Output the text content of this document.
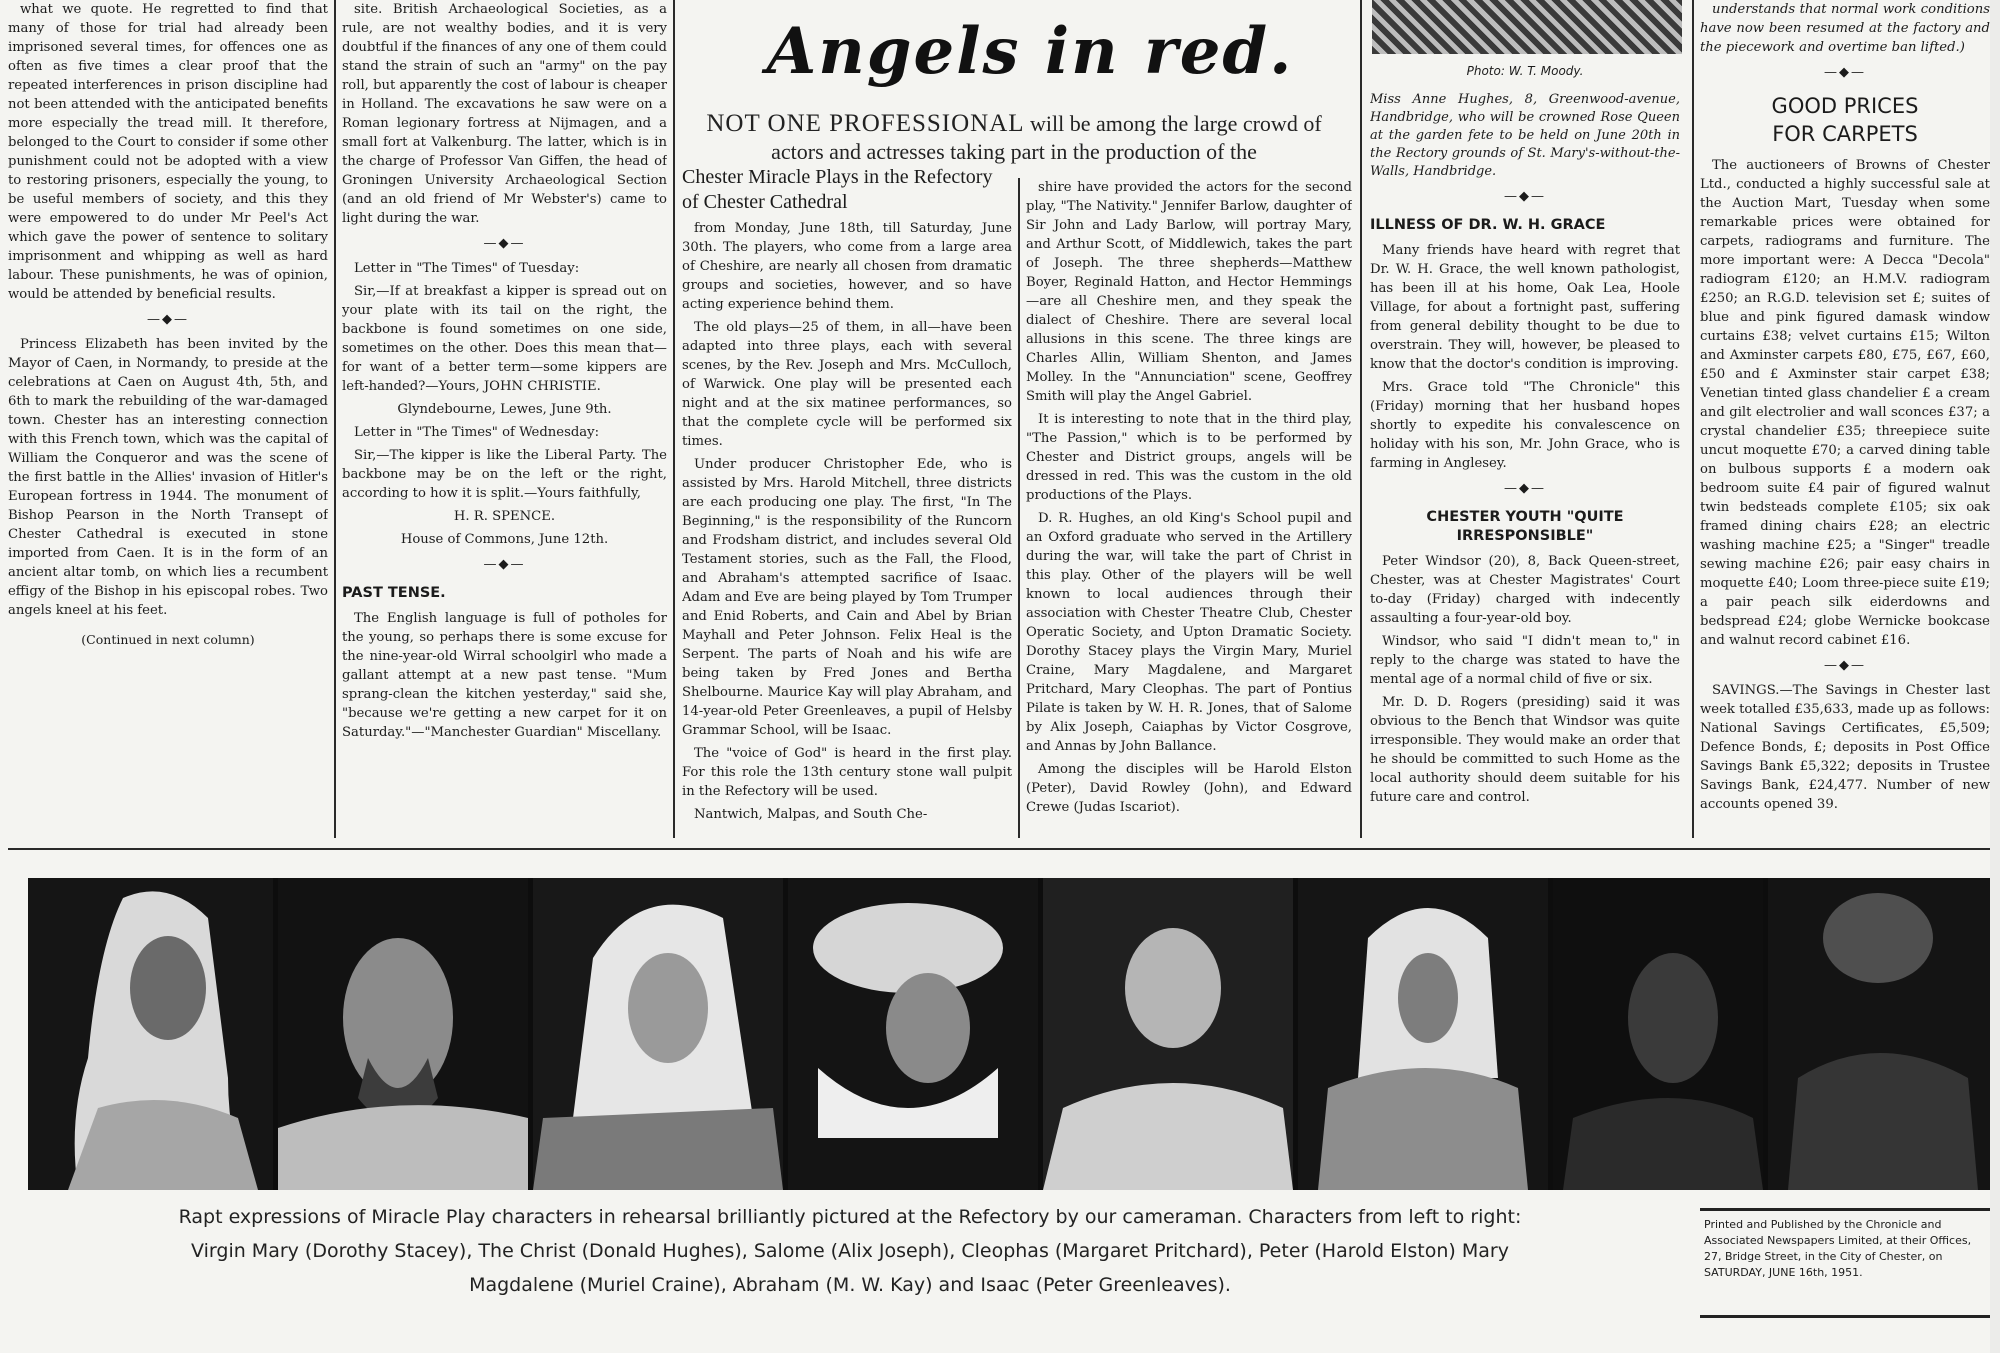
what we quote. He regretted to find that many of those for trial had already been imprisoned several times, for offences one as often as five times a clear proof that the repeated interferences in prison discipline had not been attended with the anticipated benefits more especially the tread mill. It therefore, belonged to the Court to consider if some other punishment could not be adopted with a view to restoring prisoners, especially the young, to be useful members of society, and this they were empowered to do under Mr Peel's Act which gave the power of sentence to solitary imprisonment and whipping as well as hard labour. These punishments, he was of opinion, would be attended by beneficial results.

—◆—

Princess Elizabeth has been invited by the Mayor of Caen, in Normandy, to preside at the celebrations at Caen on August 4th, 5th, and 6th to mark the rebuilding of the war-damaged town. Chester has an interesting connection with this French town, which was the capital of William the Conqueror and was the scene of the first battle in the Allies' invasion of Hitler's European fortress in 1944. The monument of Bishop Pearson in the North Transept of Chester Cathedral is executed in stone imported from Caen. It is in the form of an ancient altar tomb, on which lies a recumbent effigy of the Bishop in his episcopal robes. Two angels kneel at his feet.

(Continued in next column)

site. British Archaeological Societies, as a rule, are not wealthy bodies, and it is very doubtful if the finances of any one of them could stand the strain of such an "army" on the pay roll, but apparently the cost of labour is cheaper in Holland. The excavations he saw were on a Roman legionary fortress at Nijmagen, and a small fort at Valkenburg. The latter, which is in the charge of Professor Van Giffen, the head of Groningen University Archaeological Section (and an old friend of Mr Webster's) came to light during the war.

—◆—

Letter in "The Times" of Tuesday:

Sir,—If at breakfast a kipper is spread out on your plate with its tail on the right, the backbone is found sometimes on one side, sometimes on the other. Does this mean that—for want of a better term—some kippers are left-handed?—Yours, JOHN CHRISTIE.

Glyndebourne, Lewes, June 9th.

Letter in "The Times" of Wednesday:

Sir,—The kipper is like the Liberal Party. The backbone may be on the left or the right, according to how it is split.—Yours faithfully,

H. R. SPENCE.

House of Commons, June 12th.

—◆—
PAST TENSE.

The English language is full of potholes for the young, so perhaps there is some excuse for the nine-year-old Wirral schoolgirl who made a gallant attempt at a new past tense. "Mum sprang-clean the kitchen yesterday," said she, "because we're getting a new carpet for it on Saturday."—"Manchester Guardian" Miscellany.

Angels in red.
NOT ONE PROFESSIONAL will be among the large crowd of actors and actresses taking part in the production of the
Chester Miracle Plays in the Refectory of Chester Cathedral

from Monday, June 18th, till Saturday, June 30th. The players, who come from a large area of Cheshire, are nearly all chosen from dramatic groups and societies, however, and so have acting experience behind them.

The old plays—25 of them, in all—have been adapted into three plays, each with several scenes, by the Rev. Joseph and Mrs. McCulloch, of Warwick. One play will be presented each night and at the six matinee performances, so that the complete cycle will be performed six times.

Under producer Christopher Ede, who is assisted by Mrs. Harold Mitchell, three districts are each producing one play. The first, "In The Beginning," is the responsibility of the Runcorn and Frodsham district, and includes several Old Testament stories, such as the Fall, the Flood, and Abraham's attempted sacrifice of Isaac. Adam and Eve are being played by Tom Trumper and Enid Roberts, and Cain and Abel by Brian Mayhall and Peter Johnson. Felix Heal is the Serpent. The parts of Noah and his wife are being taken by Fred Jones and Bertha Shelbourne. Maurice Kay will play Abraham, and 14-year-old Peter Greenleaves, a pupil of Helsby Grammar School, will be Isaac.

The "voice of God" is heard in the first play. For this role the 13th century stone wall pulpit in the Refectory will be used.

Nantwich, Malpas, and South Che-

shire have provided the actors for the second play, "The Nativity." Jennifer Barlow, daughter of Sir John and Lady Barlow, will portray Mary, and Arthur Scott, of Middlewich, takes the part of Joseph. The three shepherds—Matthew Boyer, Reginald Hatton, and Hector Hemmings—are all Cheshire men, and they speak the dialect of Cheshire. There are several local allusions in this scene. The three kings are Charles Allin, William Shenton, and James Molley. In the "Annunciation" scene, Geoffrey Smith will play the Angel Gabriel.

It is interesting to note that in the third play, "The Passion," which is to be performed by Chester and District groups, angels will be dressed in red. This was the custom in the old productions of the Plays.

D. R. Hughes, an old King's School pupil and an Oxford graduate who served in the Artillery during the war, will take the part of Christ in this play. Other of the players will be well known to local audiences through their association with Chester Theatre Club, Chester Operatic Society, and Upton Dramatic Society. Dorothy Stacey plays the Virgin Mary, Muriel Craine, Mary Magdalene, and Margaret Pritchard, Mary Cleophas. The part of Pontius Pilate is taken by W. H. R. Jones, that of Salome by Alix Joseph, Caiaphas by Victor Cosgrove, and Annas by John Ballance.

Among the disciples will be Harold Elston (Peter), David Rowley (John), and Edward Crewe (Judas Iscariot).

Photo: W. T. Moody.
Miss Anne Hughes, 8, Greenwood-avenue, Handbridge, who will be crowned Rose Queen at the garden fete to be held on June 20th in the Rectory grounds of St. Mary's-without-the-Walls, Handbridge.
—◆—
ILLNESS OF DR. W. H. GRACE

Many friends have heard with regret that Dr. W. H. Grace, the well known pathologist, has been ill at his home, Oak Lea, Hoole Village, for about a fortnight past, suffering from general debility thought to be due to overstrain. They will, however, be pleased to know that the doctor's condition is improving.

Mrs. Grace told "The Chronicle" this (Friday) morning that her husband hopes shortly to expedite his convalescence on holiday with his son, Mr. John Grace, who is farming in Anglesey.

—◆—
CHESTER YOUTH "QUITE IRRESPONSIBLE"

Peter Windsor (20), 8, Back Queen-street, Chester, was at Chester Magistrates' Court to-day (Friday) charged with indecently assaulting a four-year-old boy.

Windsor, who said "I didn't mean to," in reply to the charge was stated to have the mental age of a normal child of five or six.

Mr. D. D. Rogers (presiding) said it was obvious to the Bench that Windsor was quite irresponsible. They would make an order that he should be committed to such Home as the local authority should deem suitable for his future care and control.

understands that normal work conditions have now been resumed at the factory and the piecework and overtime ban lifted.)

—◆—
GOOD PRICES
FOR CARPETS

The auctioneers of Browns of Chester Ltd., conducted a highly successful sale at the Auction Mart, Tuesday when some remarkable prices were obtained for carpets, radiograms and furniture. The more important were: A Decca "Decola" radiogram £120; an H.M.V. radiogram £250; an R.G.D. television set £; suites of blue and pink figured damask window curtains £38; velvet curtains £15; Wilton and Axminster carpets £80, £75, £67, £60, £50 and £ Axminster stair carpet £38; Venetian tinted glass chandelier £ a cream and gilt electrolier and wall sconces £37; a crystal chandelier £35; threepiece suite uncut moquette £70; a carved dining table on bulbous supports £ a modern oak bedroom suite £4 pair of figured walnut twin bedsteads complete £105; six oak framed dining chairs £28; an electric washing machine £25; a "Singer" treadle sewing machine £26; pair easy chairs in moquette £40; Loom three-piece suite £19; a pair peach silk eiderdowns and bedspread £24; globe Wernicke bookcase and walnut record cabinet £16.

—◆—

SAVINGS.—The Savings in Chester last week totalled £35,633, made up as follows: National Savings Certificates, £5,509; Defence Bonds, £; deposits in Post Office Savings Bank £5,322; deposits in Trustee Savings Bank, £24,477. Number of new accounts opened 39.

Rapt expressions of Miracle Play characters in rehearsal brilliantly pictured at the Refectory by our cameraman. Characters from left to right:
Virgin Mary (Dorothy Stacey), The Christ (Donald Hughes), Salome (Alix Joseph), Cleophas (Margaret Pritchard), Peter (Harold Elston) Mary
Magdalene (Muriel Craine), Abraham (M. W. Kay) and Isaac (Peter Greenleaves).
Printed and Published by the Chronicle and Associated Newspapers Limited, at their Offices, 27, Bridge Street, in the City of Chester, on SATURDAY, JUNE 16th, 1951.
